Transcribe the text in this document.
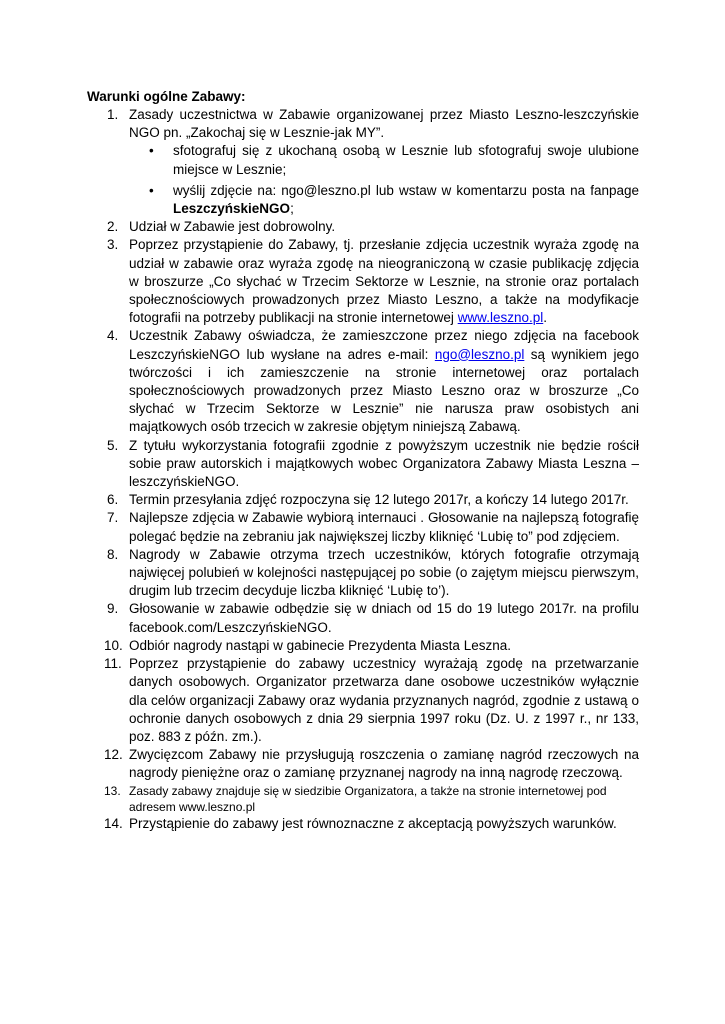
Warunki ogólne Zabawy:
1. Zasady uczestnictwa w Zabawie organizowanej przez Miasto Leszno-leszczyńskie NGO pn. „Zakochaj się w Lesznie-jak MY”.
• sfotografuj się z ukochaną osobą w Lesznie lub sfotografuj swoje ulubione miejsce w Lesznie;
• wyślij zdjęcie na: ngo@leszno.pl lub wstaw w komentarzu posta na fanpage LeszczyńskieNGO;
2. Udział w Zabawie jest dobrowolny.
3. Poprzez przystąpienie do Zabawy, tj. przesłanie zdjęcia uczestnik wyraża zgodę na udział w zabawie oraz wyraża zgodę na nieograniczoną w czasie publikację zdjęcia w broszurze „Co słychać w Trzecim Sektorze w Lesznie, na stronie oraz portalach społecznościowych prowadzonych przez Miasto Leszno, a także na modyfikacje fotografii na potrzeby publikacji na stronie internetowej www.leszno.pl.
4. Uczestnik Zabawy oświadcza, że zamieszczone przez niego zdjęcia na facebook LeszczyńskieNGO lub wysłane na adres e-mail: ngo@leszno.pl są wynikiem jego twórczości i ich zamieszczenie na stronie internetowej oraz portalach społecznościowych prowadzonych przez Miasto Leszno oraz w broszurze „Co słychać w Trzecim Sektorze w Lesznie” nie narusza praw osobistych ani majątkowych osób trzecich w zakresie objętym niniejszą Zabawą.
5. Z tytułu wykorzystania fotografii zgodnie z powyższym uczestnik nie będzie rościł sobie praw autorskich i majątkowych wobec Organizatora Zabawy Miasta Leszna – leszczyńskieNGO.
6. Termin przesyłania zdjęć rozpoczyna się 12 lutego 2017r, a kończy 14 lutego 2017r.
7. Najlepsze zdjęcia w Zabawie wybiorą internauci . Głosowanie na najlepszą fotografię polegać będzie na zebraniu jak największej liczby kliknięć ‘Lubię to” pod zdjęciem.
8. Nagrody w Zabawie otrzyma trzech uczestników, których fotografie otrzymają najwięcej polubień w kolejności następującej po sobie (o zajętym miejscu pierwszym, drugim lub trzecim decyduje liczba kliknięć ‘Lubię to’).
9. Głosowanie w zabawie odbędzie się w dniach od 15 do 19 lutego 2017r. na profilu facebook.com/LeszczyńskieNGO.
10. Odbiór nagrody nastąpi w gabinecie Prezydenta Miasta Leszna.
11. Poprzez przystąpienie do zabawy uczestnicy wyrażają zgodę na przetwarzanie danych osobowych. Organizator przetwarza dane osobowe uczestników wyłącznie dla celów organizacji Zabawy oraz wydania przyznanych nagród, zgodnie z ustawą o ochronie danych osobowych z dnia 29 sierpnia 1997 roku (Dz. U. z 1997 r., nr 133, poz. 883 z późn. zm.).
12. Zwycięzcom Zabawy nie przysługują roszczenia o zamianę nagród rzeczowych na nagrody pieniężne oraz o zamianę przyznanej nagrody na inną nagrodę rzeczową.
13. Zasady zabawy znajduje się w siedzibie Organizatora, a także na stronie internetowej pod adresem www.leszno.pl
14. Przystąpienie do zabawy jest równoznaczne z akceptacją powyższych warunków.
